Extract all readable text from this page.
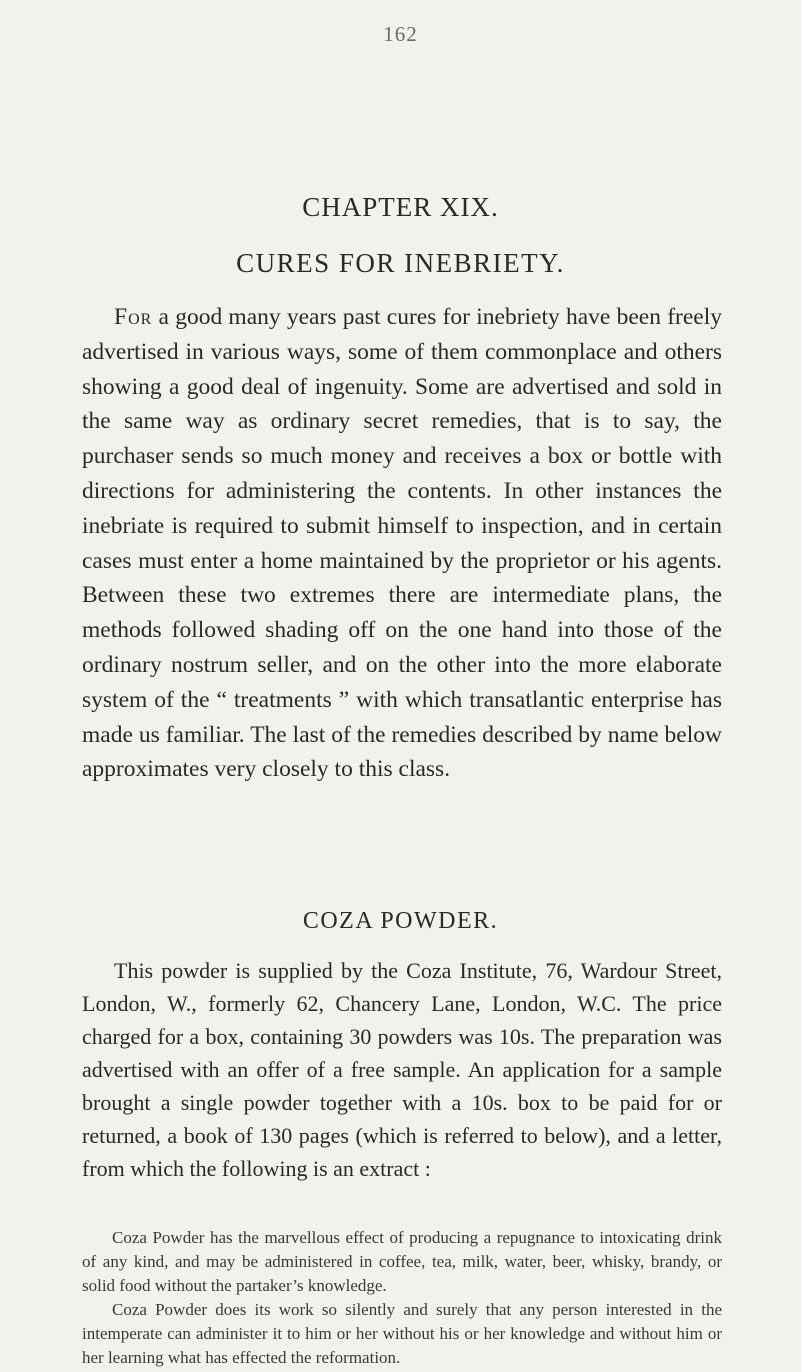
162
CHAPTER XIX.
CURES FOR INEBRIETY.

For a good many years past cures for inebriety have been freely advertised in various ways, some of them commonplace and others showing a good deal of ingenuity. Some are advertised and sold in the same way as ordinary secret remedies, that is to say, the purchaser sends so much money and receives a box or bottle with directions for administering the contents. In other instances the inebriate is required to submit himself to inspection, and in certain cases must enter a home maintained by the proprietor or his agents. Between these two extremes there are intermediate plans, the methods followed shading off on the one hand into those of the ordinary nostrum seller, and on the other into the more elaborate system of the “ treatments ” with which transatlantic enterprise has made us familiar. The last of the remedies described by name below approximates very closely to this class.

COZA POWDER.

This powder is supplied by the Coza Institute, 76, Wardour Street, London, W., formerly 62, Chancery Lane, London, W.C. The price charged for a box, containing 30 powders was 10s. The preparation was advertised with an offer of a free sample. An application for a sample brought a single powder together with a 10s. box to be paid for or returned, a book of 130 pages (which is referred to below), and a letter, from which the following is an extract :

Coza Powder has the marvellous effect of producing a repugnance to intoxicating drink of any kind, and may be administered in coffee, tea, milk, water, beer, whisky, brandy, or solid food without the partaker’s knowledge.

Coza Powder does its work so silently and surely that any person interested in the intemperate can administer it to him or her without his or her knowledge and without him or her learning what has effected the reformation.
